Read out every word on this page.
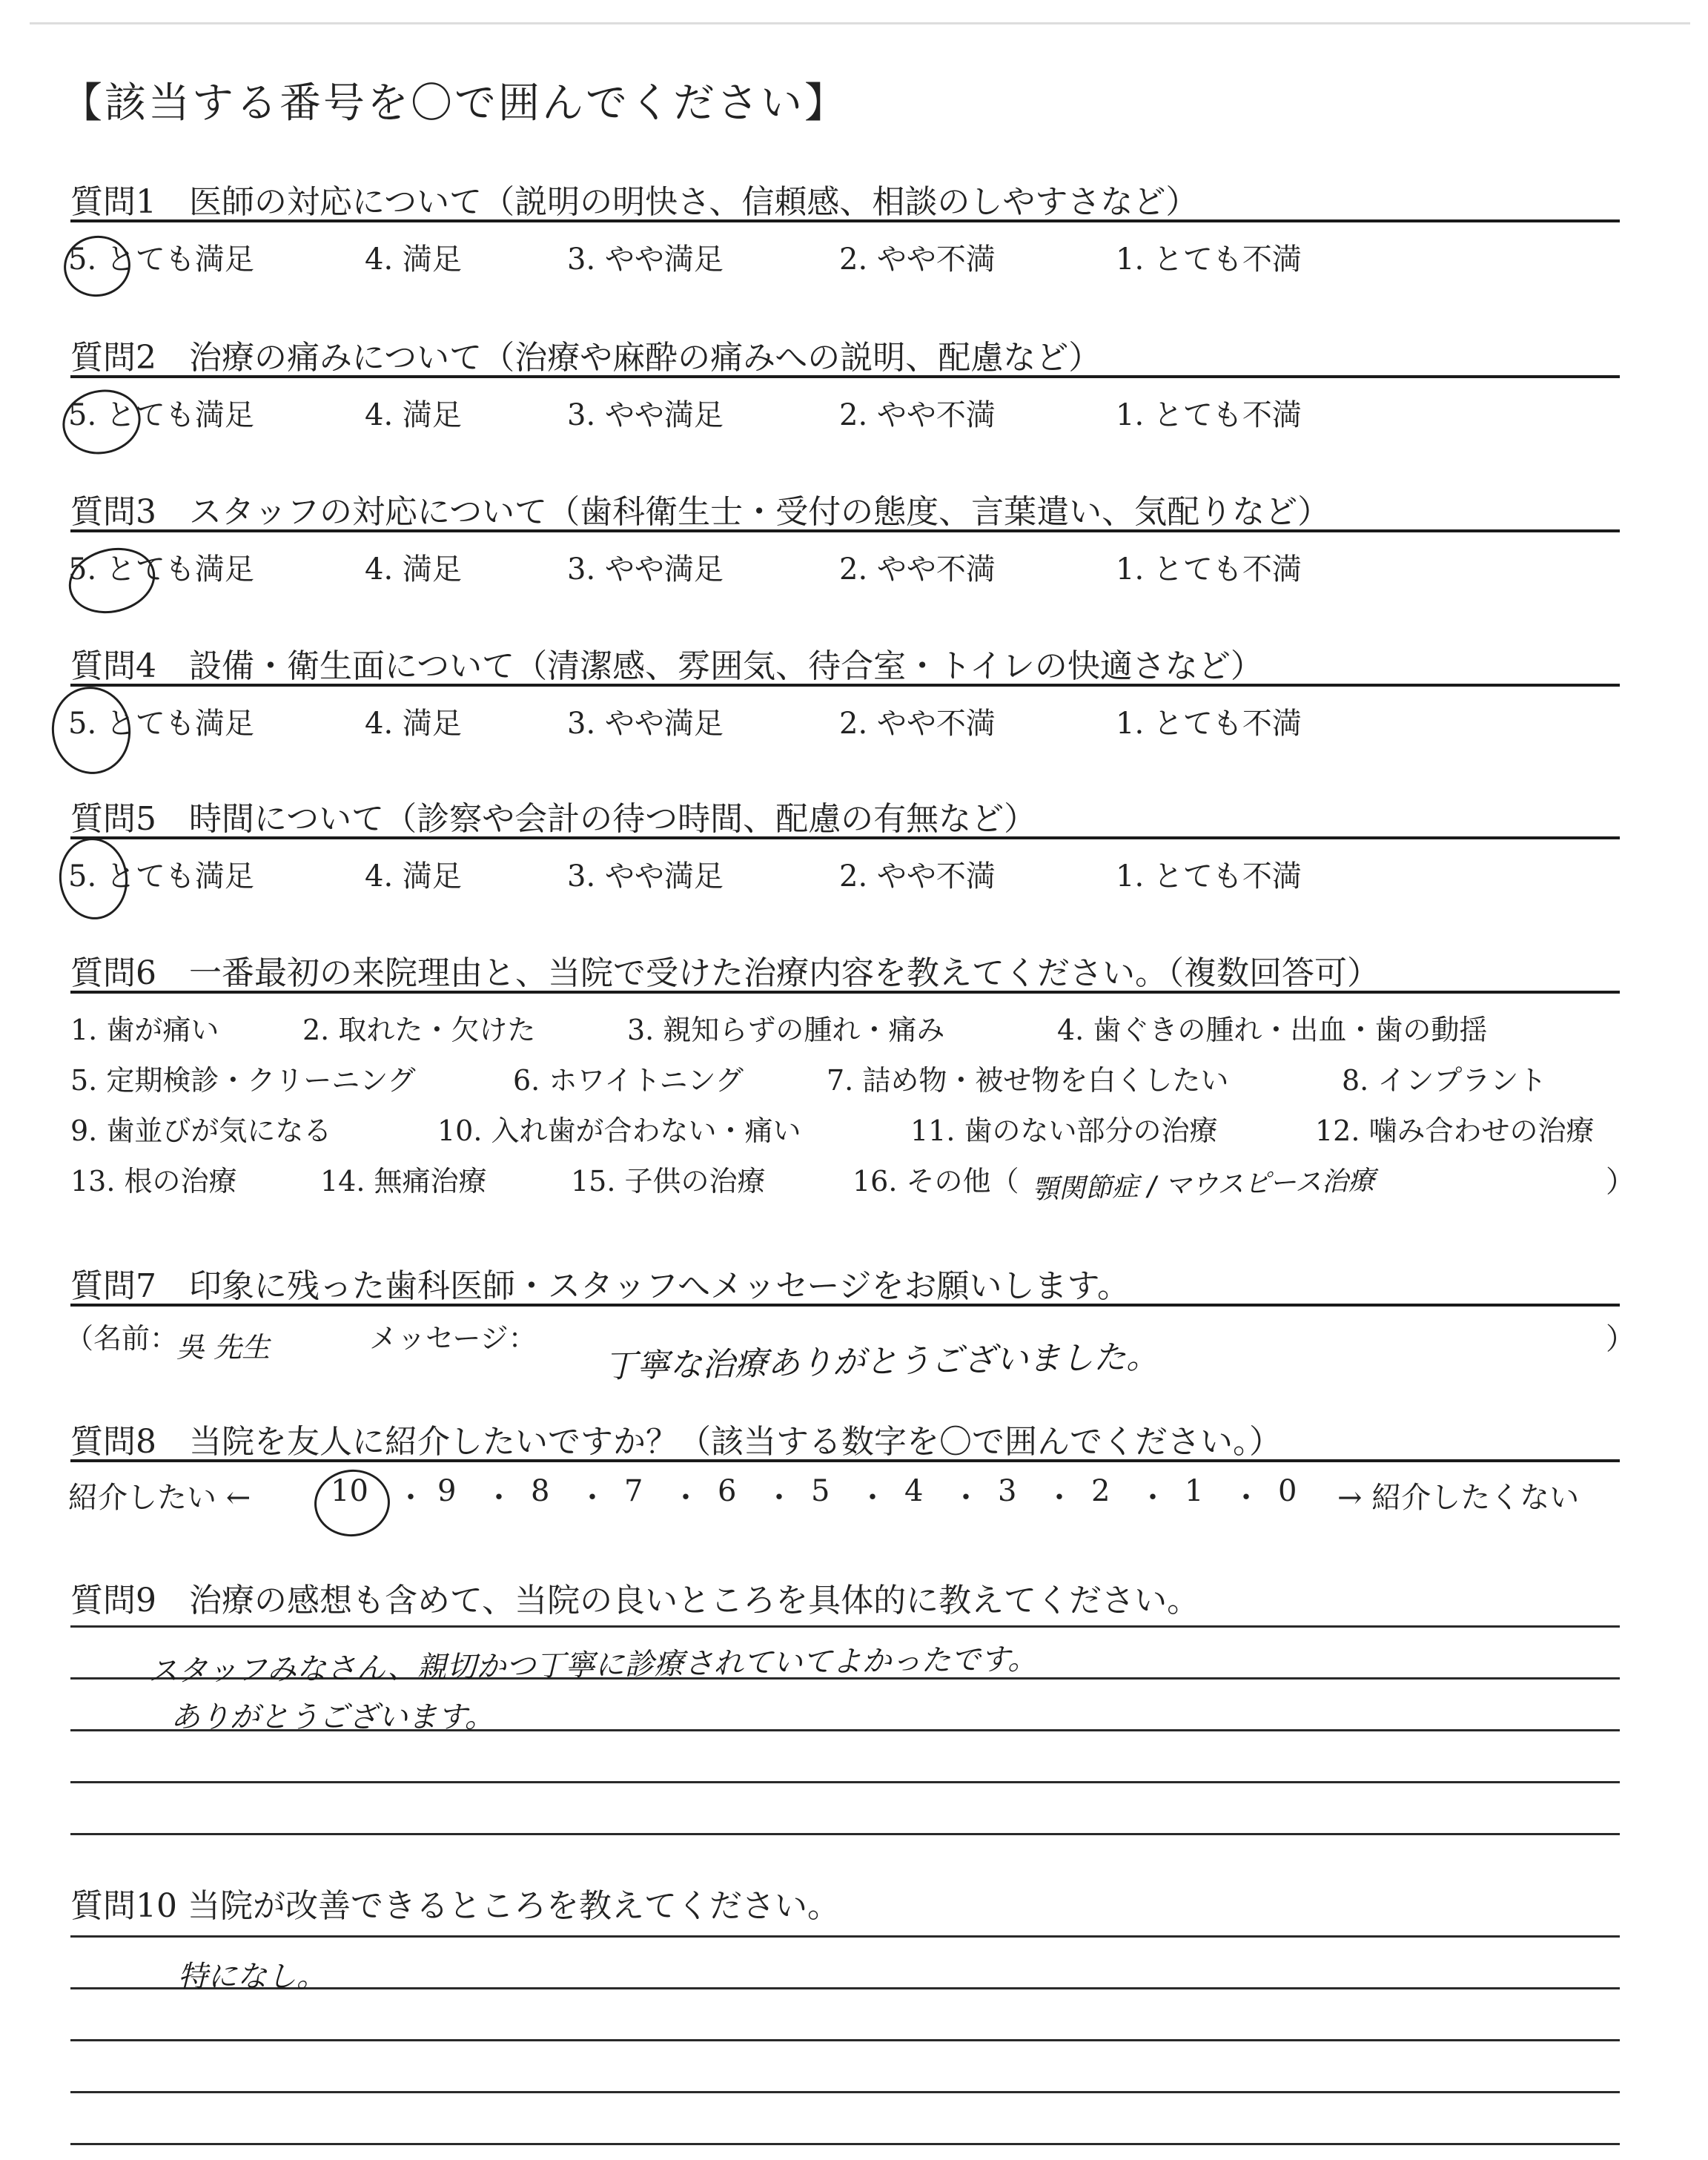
【該当する番号を〇で囲んでください】
質問1　医師の対応について（説明の明快さ、信頼感、相談のしやすさなど）
5. とても満足	4. 満足	3. やや満足	2. やや不満	1. とても不満
質問2　治療の痛みについて（治療や麻酔の痛みへの説明、配慮など）
5. とても満足	4. 満足	3. やや満足	2. やや不満	1. とても不満
質問3　スタッフの対応について（歯科衛生士・受付の態度、言葉遣い、気配りなど）
5. とても満足	4. 満足	3. やや満足	2. やや不満	1. とても不満
質問4　設備・衛生面について（清潔感、雰囲気、待合室・トイレの快適さなど）
5. とても満足	4. 満足	3. やや満足	2. やや不満	1. とても不満
質問5　時間について（診察や会計の待つ時間、配慮の有無など）
5. とても満足	4. 満足	3. やや満足	2. やや不満	1. とても不満
質問6　一番最初の来院理由と、当院で受けた治療内容を教えてください。（複数回答可）
1. 歯が痛い	2. 取れた・欠けた	3. 親知らずの腫れ・痛み	4. 歯ぐきの腫れ・出血・歯の動揺
5. 定期検診・クリーニング	6. ホワイトニング	7. 詰め物・被せ物を白くしたい	8. インプラント
9. 歯並びが気になる	10. 入れ歯が合わない・痛い	11. 歯のない部分の治療	12. 噛み合わせの治療
13. 根の治療	14. 無痛治療	15. 子供の治療	16. その他（ 顎関節症 / マウスピース治療	）
質問7　印象に残った歯科医師・スタッフへメッセージをお願いします。
（名前：
吳 先生	メッセージ： 丁寧な治療ありがとうございました。	）
質問8　当院を友人に紹介したいですか？（該当する数字を〇で囲んでください。）
紹介したい ←	10 ・ 9 ・ 8 ・ 7 ・ 6 ・ 5 ・ 4 ・ 3 ・ 2 ・ 1 ・ 0 → 紹介したくない
質問9　治療の感想も含めて、当院の良いところを具体的に教えてください。
スタッフみなさん、親切かつ丁寧に診療されていてよかったです。
ありがとうございます。
質問10 当院が改善できるところを教えてください。
特になし。
